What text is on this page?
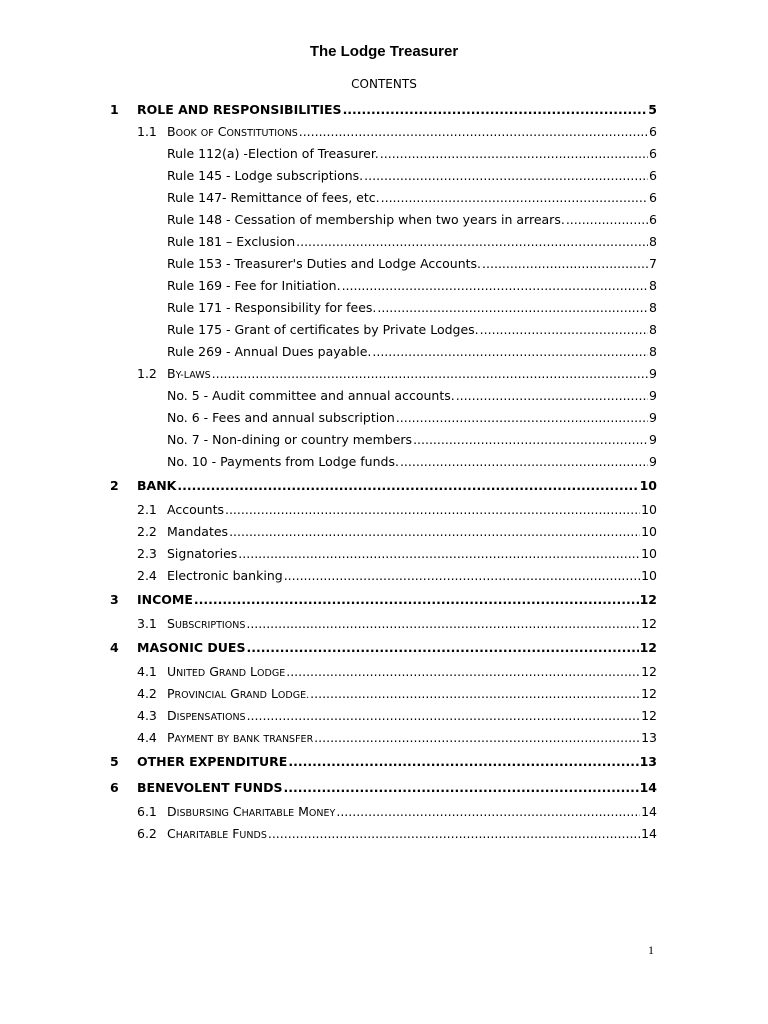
The Lodge Treasurer
CONTENTS
1	ROLE AND RESPONSIBILITIES .....	5
1.1 BOOK OF CONSTITUTIONS .....	6
Rule 112(a) -Election of Treasurer. .....	6
Rule 145 - Lodge subscriptions. .....	6
Rule 147- Remittance of fees, etc. .....	6
Rule 148 - Cessation of membership when two years in arrears. .....	6
Rule 181 – Exclusion .....	8
Rule 153 - Treasurer's Duties and Lodge Accounts. .....	7
Rule 169 - Fee for Initiation. .....	8
Rule 171 - Responsibility for fees. .....	8
Rule 175 - Grant of certificates by Private Lodges. .....	8
Rule 269 - Annual Dues payable. .....	8
1.2 BY-LAWS .....	9
No. 5 - Audit committee and annual accounts. .....	9
No. 6 - Fees and annual subscription .....	9
No. 7 - Non-dining or country members .....	9
No. 10 - Payments from Lodge funds. .....	9
2	BANK .....	10
2.1 Accounts .....	10
2.2 Mandates .....	10
2.3 Signatories .....	10
2.4 Electronic banking .....	10
3	INCOME .....	12
3.1 SUBSCRIPTIONS .....	12
4	MASONIC DUES .....	12
4.1 UNITED GRAND LODGE .....	12
4.2 PROVINCIAL GRAND LODGE. .....	12
4.3 DISPENSATIONS .....	12
4.4 PAYMENT BY BANK TRANSFER .....	13
5	OTHER EXPENDITURE .....	13
6	BENEVOLENT FUNDS .....	14
6.1 DISBURSING CHARITABLE MONEY .....	14
6.2 CHARITABLE FUNDS .....	14
1
